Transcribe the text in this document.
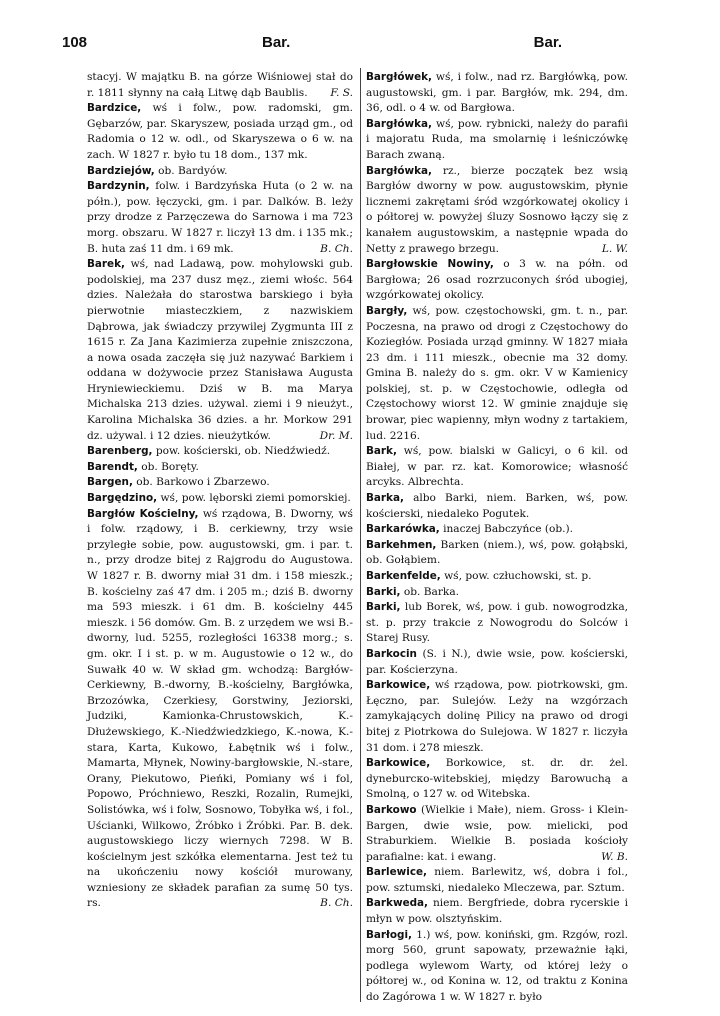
108	Bar.	Bar.

stacyj. W majątku B. na górze Wiśniowej stał do r. 1811 słynny na całą Litwę dąb Baublis.	F. S.

Bardzice, wś i folw., pow. radomski, gm. Gębarzów, par. Skaryszew, posiada urząd gm., od Radomia o 12 w. odl., od Skaryszewa o 6 w. na zach. W 1827 r. było tu 18 dom., 137 mk.

Bardziejów, ob. Bardyów.

Bardzynin, folw. i Bardzyńska Huta (o 2 w. na półn.), pow. łęczycki, gm. i par. Dalków. B. leży przy drodze z Parzęczewa do Sarnowa i ma 723 morg. obszaru. W 1827 r. liczył 13 dm. i 135 mk.; B. huta zaś 11 dm. i 69 mk.	B. Ch.

Barek, wś, nad Ladawą, pow. mohylowski gub. podolskiej, ma 237 dusz męz., ziemi włośc. 564 dzies. Należała do starostwa barskiego i była pierwotnie miasteczkiem, z nazwiskiem Dąbrowa, jak świadczy przywilej Zygmunta III z 1615 r. Za Jana Kazimierza zupełnie zniszczona, a nowa osada zaczęła się już nazywać Barkiem i oddana w dożywocie przez Stanisława Augusta Hryniewieckiemu. Dziś w B. ma Marya Michalska 213 dzies. używal. ziemi i 9 nieużyt., Karolina Michalska 36 dzies. a hr. Morkow 291 dz. używal. i 12 dzies. nieużytków.	Dr. M.

Barenberg, pow. kościerski, ob. Niedźwiedź.

Barendt, ob. Boręty.

Bargen, ob. Barkowo i Zbarzewo.

Bargędzino, wś, pow. lęborski ziemi pomorskiej.

Bargłów Kościelny, wś rządowa, B. Dworny, wś i folw. rządowy, i B. cerkiewny, trzy wsie przyległe sobie, pow. augustowski, gm. i par. t. n., przy drodze bitej z Rajgrodu do Augustowa. W 1827 r. B. dworny miał 31 dm. i 158 mieszk.; B. kościelny zaś 47 dm. i 205 m.; dziś B. dworny ma 593 mieszk. i 61 dm. B. kościelny 445 mieszk. i 56 domów. Gm. B. z urzędem we wsi B.-dworny, lud. 5255, rozległości 16338 morg.; s. gm. okr. I i st. p. w m. Augustowie o 12 w., do Suwałk 40 w. W skład gm. wchodzą: Bargłów-Cerkiewny, B.-dworny, B.-kościelny, Bargłówka, Brzozówka, Czerkiesy, Gorstwiny, Jeziorski, Judziki, Kamionka-Chrustowskich, K.-Dłużewskiego, K.-Niedźwiedzkiego, K.-nowa, K.-stara, Karta, Kukowo, Łabętnik wś i folw., Mamarta, Młynek, Nowiny-bargłowskie, N.-stare, Orany, Piekutowo, Pieńki, Pomiany wś i fol, Popowo, Próchniewo, Reszki, Rozalin, Rumejki, Solistówka, wś i folw, Sosnowo, Tobyłka wś, i fol., Uścianki, Wilkowo, Żróbko i Żróbki. Par. B. dek. augustowskiego liczy wiernych 7298. W B. kościelnym jest szkółka elementarna. Jest też tu na ukończeniu nowy kościół murowany, wzniesiony ze składek parafian za sumę 50 tys. rs.	B. Ch.

Bargłówek, wś, i folw., nad rz. Bargłówką, pow. augustowski, gm. i par. Bargłów, mk. 294, dm. 36, odl. o 4 w. od Bargłowa.

Bargłówka, wś, pow. rybnicki, należy do parafii i majoratu Ruda, ma smolarnię i leśniczówkę Barach zwaną.

Bargłówka, rz., bierze początek bez wsią Bargłów dworny w pow. augustowskim, płynie licznemi zakrętami śród wzgórkowatej okolicy i o półtorej w. powyżej śluzy Sosnowo łączy się z kanałem augustowskim, a następnie wpada do Netty z prawego brzegu.	L. W.

Bargłowskie Nowiny, o 3 w. na półn. od Bargłowa; 26 osad rozrzuconych śród ubogiej, wzgórkowatej okolicy.

Bargły, wś, pow. częstochowski, gm. t. n., par. Poczesna, na prawo od drogi z Częstochowy do Koziegłów. Posiada urząd gminny. W 1827 miała 23 dm. i 111 mieszk., obecnie ma 32 domy. Gmina B. należy do s. gm. okr. V w Kamienicy polskiej, st. p. w Częstochowie, odległa od Częstochowy wiorst 12. W gminie znajduje się browar, piec wapienny, młyn wodny z tartakiem, lud. 2216.

Bark, wś, pow. bialski w Galicyi, o 6 kil. od Białej, w par. rz. kat. Komorowice; własność arcyks. Albrechta.

Barka, albo Barki, niem. Barken, wś, pow. kościerski, niedaleko Pogutek.

Barkarówka, inaczej Babczyńce (ob.).

Barkehmen, Barken (niem.), wś, pow. gołąbski, ob. Gołąbiem.

Barkenfelde, wś, pow. człuchowski, st. p.

Barki, ob. Barka.

Barki, lub Borek, wś, pow. i gub. nowogrodzka, st. p. przy trakcie z Nowogrodu do Solców i Starej Rusy.

Barkocin (S. i N.), dwie wsie, pow. kościerski, par. Kościerzyna.

Barkowice, wś rządowa, pow. piotrkowski, gm. Łęczno, par. Sulejów. Leży na wzgórzach zamykających dolinę Pilicy na prawo od drogi bitej z Piotrkowa do Sulejowa. W 1827 r. liczyła 31 dom. i 278 mieszk.

Barkowice, Borkowice, st. dr. dr. żel. dyneburско-witebskiej, między Barowuchą a Smolną, o 127 w. od Witebska.

Barkowo (Wielkie i Małe), niem. Gross- i Klein-Bargen, dwie wsie, pow. mielicki, pod Straburkiem. Wielkie B. posiada kościoły parafialne: kat. i ewang.	W. B.

Barlewice, niem. Barlewitz, wś, dobra i fol., pow. sztumski, niedaleko Mleczewa, par. Sztum.

Barkweda, niem. Bergfriede, dobra rycerskie i młyn w pow. olsztyńskim.

Barłogi, 1.) wś, pow. koniński, gm. Rzgów, rozl. morg 560, grunt sapowaty, przeważnie łąki, podlega wylewom Warty, od której leży o półtorej w., od Konina w. 12, od traktu z Konina do Zagórowa 1 w. W 1827 r. było
